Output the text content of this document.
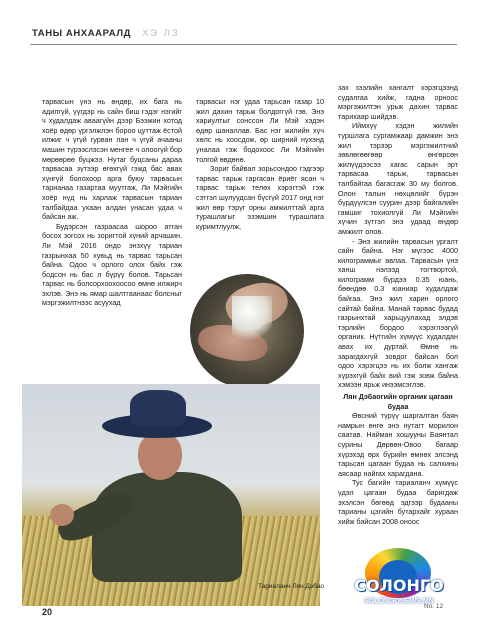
ТАНЫ АНХААРАЛД ХЭ ЛЗ

тарвасын үнэ нь өндөр, их бага нь адилгүй, үүгдэр нь сайн биш гэдэг нэгийг ч худалдаж аваагүйн дээр Бээжин хотод хоёр өдөр үргэлжлэн бороо цуттаж ёстой илжиг ч үгүй гурван лан ч үгүй ачааны машин түрээслэсэн менгее ч олоогүй бор мөрөөрөө буцжээ. Нутаг буцсаны дараа тарвасаа зүтээр өгөхгүй гэжд бас аваx хүнгүй болохоор арга буюу тарвасын тарианаа газартаа муутгаж, Ли Мэйгийн хоёр нүд нь харлаж тарвасын тариан талбайдаа ухаан алдан унасан удаа ч байсан аж.

Будэрсэн газраасаа шороо атган босох зогсох нь зоригтой хүний арчашин. Ли Мэй 2016 ондо энзхүү тариан газрынхаа 50 хувьд нь тарвас тарьсан байна. Одоо ч орлого олох байх гэж бодсон нь бас л бүрүү болов. Тарьсан тарвас нь болсорхоохоосоо өмнө илжирч эхлэв. Энэ нь ямар шалтгаанаас болсныг мэргэжилтнээс асуухад

тарвасыг нэг удаа тарьсан газар 10 жил дахин тарьж болдоггүй гэв. Энэ хариултыг сонссон Ли Мэй хэдэн өдөр шаналлав. Бас нэг жилийн хүч хөлс нь хоосдож, өр ширний нүхэнд уналаа гэж бодохоос Ли Мэйгийн толгой өвдөнө.

Зориг байвал зорьсондоо гэдгээр тарвас тарьж гаргасан ёриёг ясан ч тарвас тарьж телөх хэрэгтэй гэж сэтгэл шулуудсан бүсгүй 2017 онд нэг жил өөр тэрүг орны амжилттай арга турашлагыг эзэмшин турашлага куримтлуулж,

зах зээлийн хангалт хэрэгцээнд судалгаа хийж, гадна орноос мэргэжилтэн урьж дахин тарвас тарихаар шийдэв.

Иймхүү хэдэн жилийн туршлага сургамжаар дамжин энэ жил тэрээр мэргэжилтний зөвлөгөөгөөр өнгөрсөн жилүүдээсээ хагас сарын эрт тарвасаа тарьж, тарвасын талбайгаа багасгаж 30 му болгов. Олон талын нөхцөлийг бүрэн бүрдүүлсэн суурин дээр байгалийн гамшиг тохиолгүй Ли Мэйгийн хүчин зүтгэл энэ удаад өндөр амжилт олов.

- Энэ жилийн тарвасын ургалт сайн байна. Нэг мүгээс 4000 килограммыг авлаа. Тарвасын үнэ ханш нэлээд тогтвортой, килограмм бүрдээ 0.35 юань, бөөндөө 0.3 юаниар худалдаж байгаа. Энэ жил харин орлого сайтай байна. Манай тарвас будад газрынхтай харьцуулахад элдэв тэрлийн бордоо хэрэглээгүй органик. Нүтгийн хүмүүс худалдан авах их дуртай. Өмнө нь зарагдахгүй зовдог байсан бол одоо хэрэгцээ нь их болж хангаж хүрэхгүй байх вий гэж зовж байна хэмээн ярьж инээмсэглэв.

Лян Дэбаогийн органик цагаан будаа

Өвсний түрүү шаргалтан баян намрын өнгө энэ нутагт морилон саатав. Найман хошууны Баянтал сурины Дөрвөн-Овоо багаар хүрэхэд өрх бүрийн өмнөх элсэнд тарьсан цагаан будаа нь салхины аясаар найгах харагдана.

Тус багийн тариаланч хүмүүс үдэл цагаан будаа баригдаж эхэлсэн бөгөөд эдгээр будааны тарианы цэгийн бутархайг хураан хийж байсан 2008 оноос

Тариаланч Лян Дэбао
20
No. 12
СОЛОНГО
SOLONGONEWS.MN
